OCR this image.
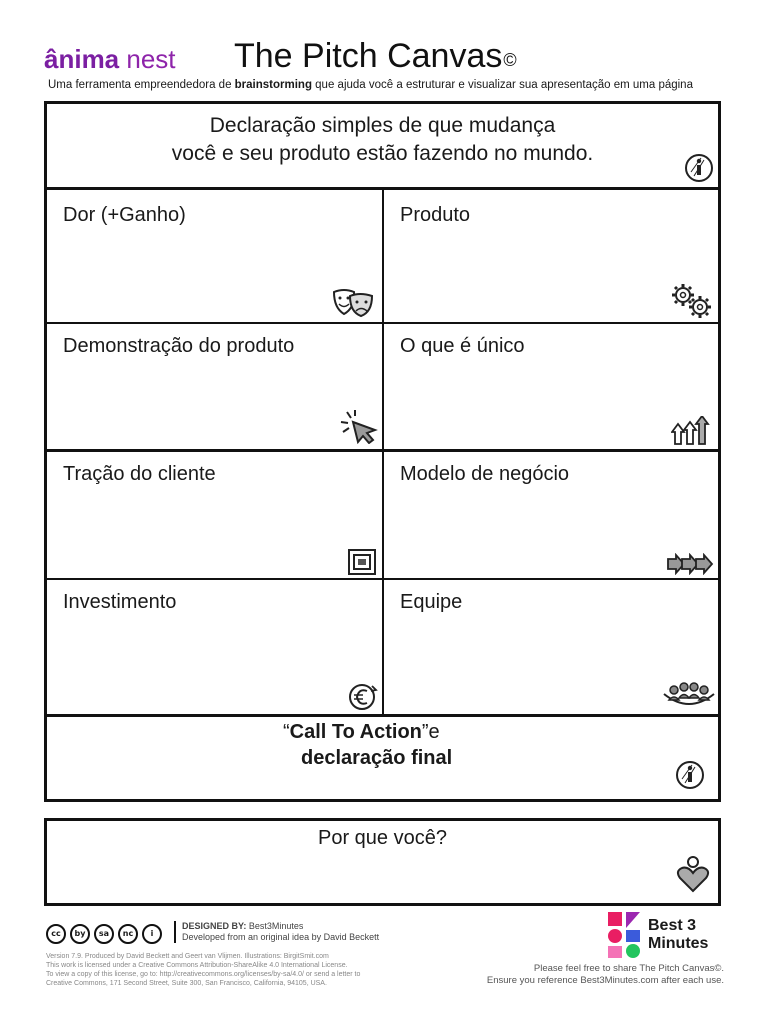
ânima nest The Pitch Canvas©
Uma ferramenta empreendedora de brainstorming que ajuda você a estruturar e visualizar sua apresentação em uma página
Declaração simples de que mudança
você e seu produto estão fazendo no mundo.
Dor (+Ganho)	Produto
Demonstração do produto	O que é único
Tração do cliente	Modelo de negócio
Investimento	Equipe
“Call To Action”e
declaração final
Por que você?
cc	by	sa	nc	i
DESIGNED BY: Best3Minutes
Developed from an original idea by David Beckett
Version 7.9. Produced by David Beckett and Geert van Vlijmen. Illustrations: BirgitSmit.com
This work is licensed under a Creative Commons Attribution-ShareAlike 4.0 International License.
To view a copy of this license, go to: http://creativecommons.org/licenses/by-sa/4.0/ or send a letter to
Creative Commons, 171 Second Street, Suite 300, San Francisco, California, 94105, USA.
Best 3
Minutes
Please feel free to share The Pitch Canvas©.
Ensure you reference Best3Minutes.com after each use.
